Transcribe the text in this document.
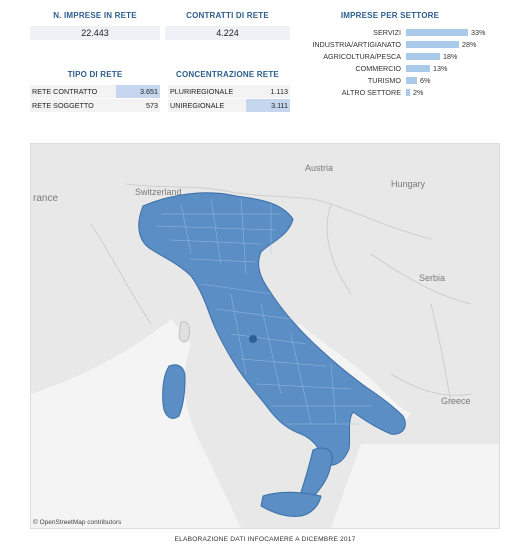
N. IMPRESE IN RETE
22.443
CONTRATTI DI RETE
4.224
TIPO DI RETE
RETE CONTRATTO	3.651
RETE SOGGETTO	573
CONCENTRAZIONE RETE
PLURIREGIONALE	1.113
UNIREGIONALE	3.111
IMPRESE PER SETTORE
SERVIZI	33%
INDUSTRIA/ARTIGIANATO	28%
AGRICOLTURA/PESCA	18%
COMMERCIO	13%
TURISMO	6%
ALTRO SETTORE 2%
Austria
Switzerland
rance
Hungary
Serbia
Greece
© OpenStreetMap contributors
ELABORAZIONE DATI INFOCAMERE A DICEMBRE 2017
